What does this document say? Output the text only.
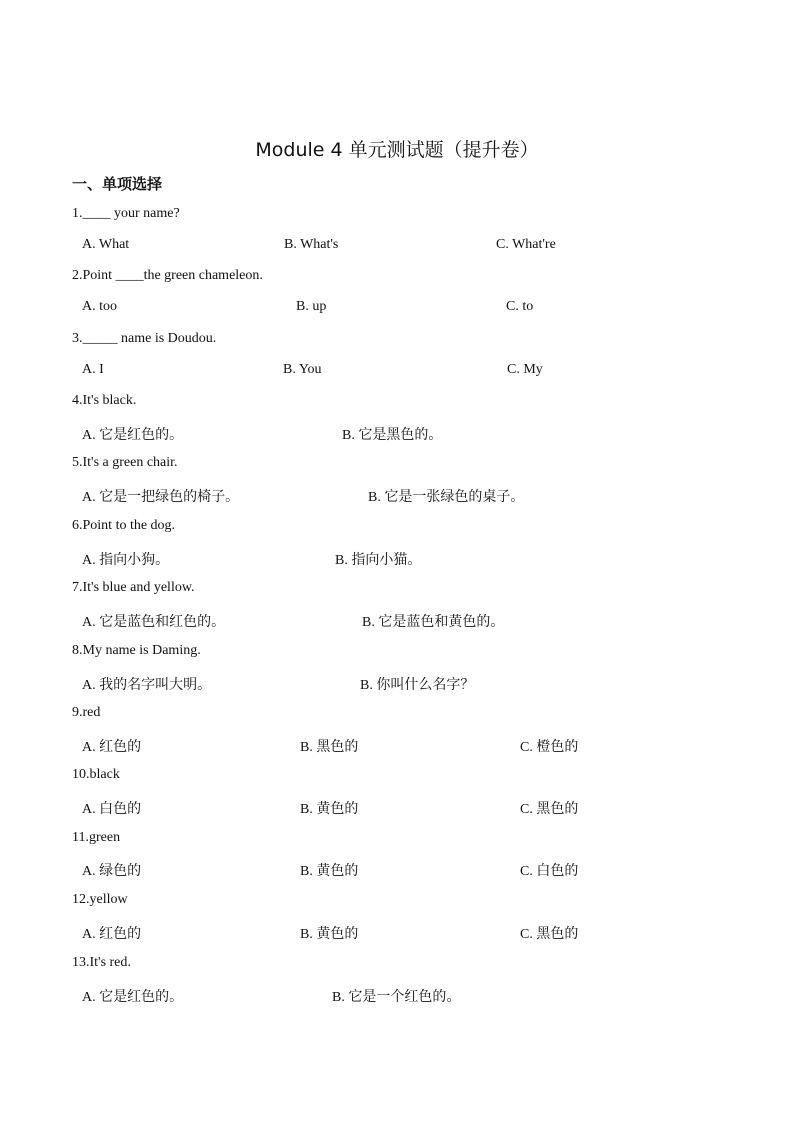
Module 4 单元测试题（提升卷）
一、单项选择
1.____ your name?
A. What	B. What's	C. What're
2.Point ____the green chameleon.
A. too	B. up	C. to
3._____ name is Doudou.
A. I	B. You	C. My
4.It's black.
A. 它是红色的。	B. 它是黑色的。
5.It's a green chair.
A. 它是一把绿色的椅子。	B. 它是一张绿色的桌子。
6.Point to the dog.
A. 指向小狗。	B. 指向小猫。
7.It's blue and yellow.
A. 它是蓝色和红色的。	B. 它是蓝色和黄色的。
8.My name is Daming.
A. 我的名字叫大明。	B. 你叫什么名字？
9.red
A. 红色的	B. 黑色的	C. 橙色的
10.black
A. 白色的	B. 黄色的	C. 黑色的
11.green
A. 绿色的	B. 黄色的	C. 白色的
12.yellow
A. 红色的	B. 黄色的	C. 黑色的
13.It's red.
A. 它是红色的。	B. 它是一个红色的。
